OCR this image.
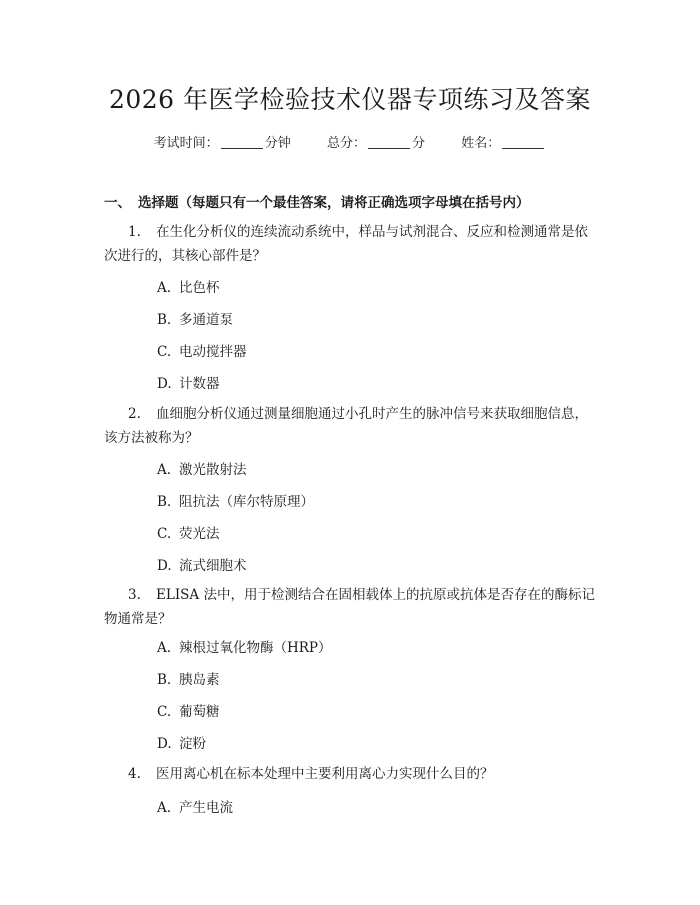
2026 年医学检验技术仪器专项练习及答案
考试时间：	分钟	总分：	分	姓名：
一、 选择题（每题只有一个最佳答案，请将正确选项字母填在括号内）
1. 在生化分析仪的连续流动系统中，样品与试剂混合、反应和检测通常是依次进行的，其核心部件是？
A. 比色杯
B. 多通道泵
C. 电动搅拌器
D. 计数器
2. 血细胞分析仪通过测量细胞通过小孔时产生的脉冲信号来获取细胞信息，该方法被称为？
A. 激光散射法
B. 阻抗法（库尔特原理）
C. 荧光法
D. 流式细胞术
3. ELISA 法中，用于检测结合在固相载体上的抗原或抗体是否存在的酶标记物通常是？
A. 辣根过氧化物酶（HRP）
B. 胰岛素
C. 葡萄糖
D. 淀粉
4. 医用离心机在标本处理中主要利用离心力实现什么目的？
A. 产生电流
